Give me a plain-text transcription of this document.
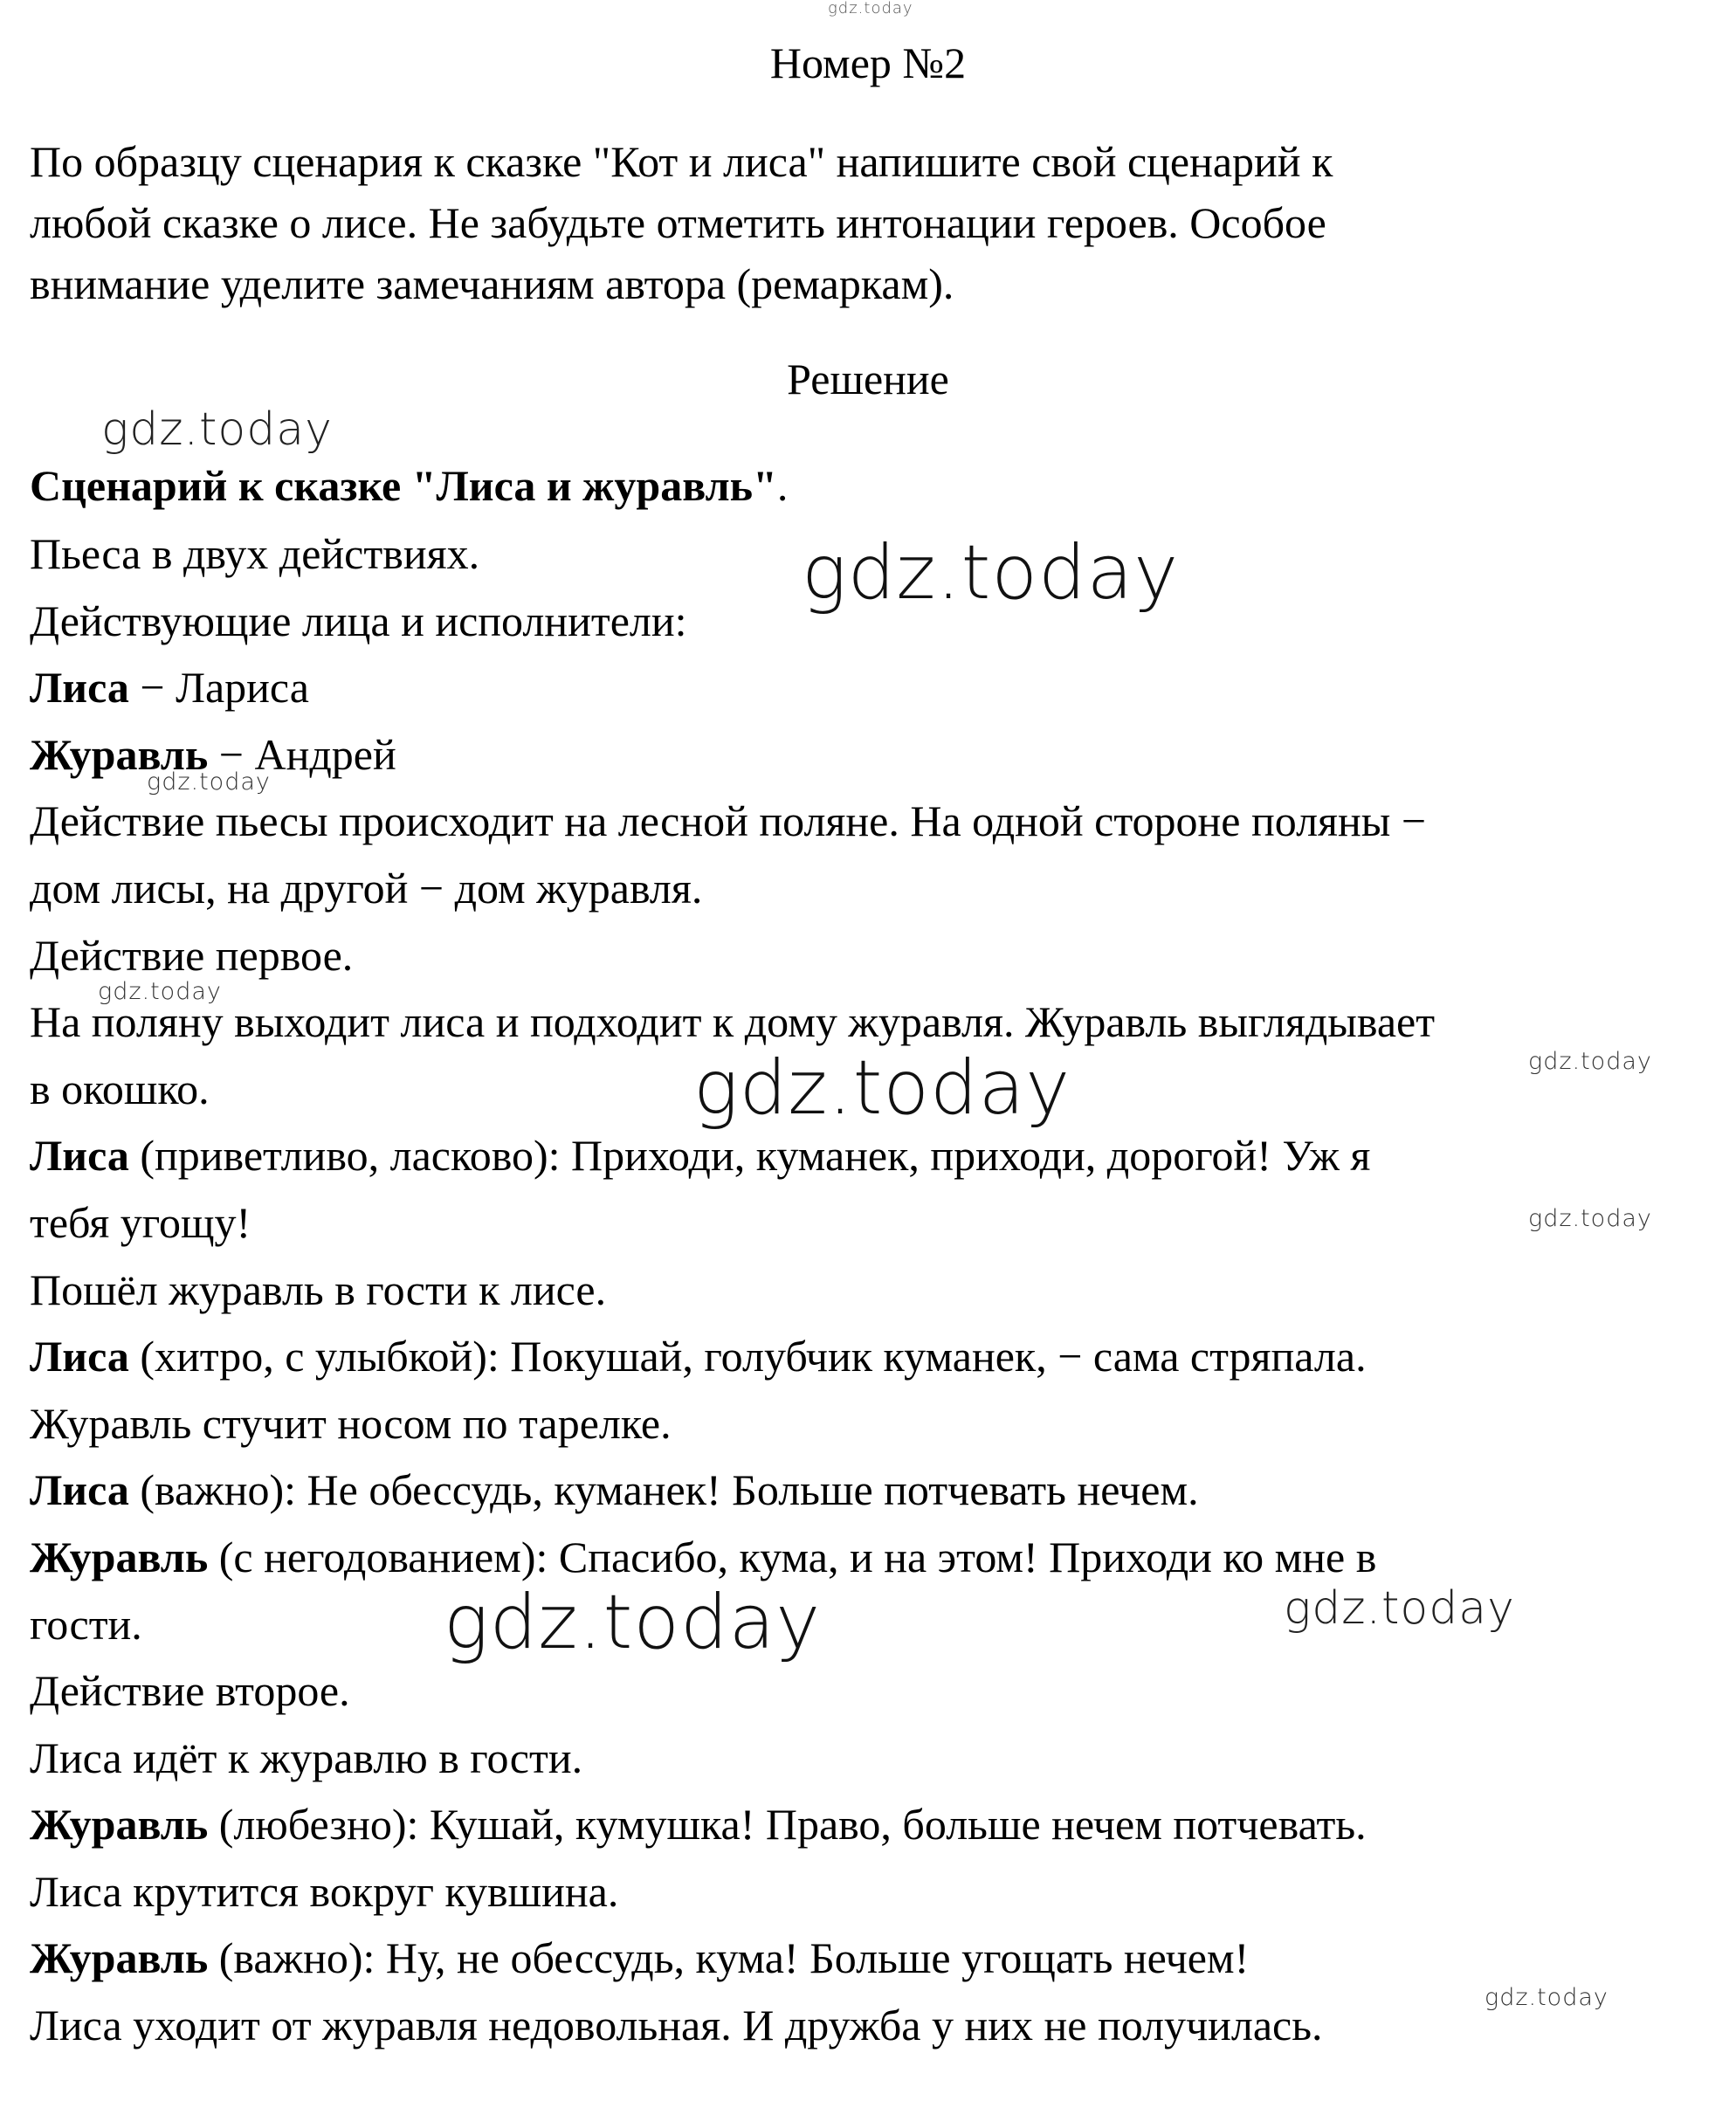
Номер №2
По образцу сценария к сказке "Кот и лиса" напишите свой сценарий к
любой сказке о лисе. Не забудьте отметить интонации героев. Особое
внимание уделите замечаниям автора (ремаркам).
Решение
Сценарий к сказке "Лиса и журавль".
Пьеса в двух действиях.
Действующие лица и исполнители:
Лиса − Лариса
Журавль − Андрей
Действие пьесы происходит на лесной поляне. На одной стороне поляны −
дом лисы, на другой − дом журавля.
Действие первое.
На поляну выходит лиса и подходит к дому журавля. Журавль выглядывает
в окошко.
Лиса (приветливо, ласково): Приходи, куманек, приходи, дорогой! Уж я
тебя угощу!
Пошёл журавль в гости к лисе.
Лиса (хитро, с улыбкой): Покушай, голубчик куманек, − сама стряпала.
Журавль стучит носом по тарелке.
Лиса (важно): Не обессудь, куманек! Больше потчевать нечем.
Журавль (с негодованием): Спасибо, кума, и на этом! Приходи ко мне в
гости.
Действие второе.
Лиса идёт к журавлю в гости.
Журавль (любезно): Кушай, кумушка! Право, больше нечем потчевать.
Лиса крутится вокруг кувшина.
Журавль (важно): Ну, не обессудь, кума! Больше угощать нечем!
Лиса уходит от журавля недовольная. И дружба у них не получилась.
gdz.today
gdz.today
gdz.today
gdz.today
gdz.today
gdz.today
gdz.today
gdz.today
gdz.today	gdz.today
gdz.today
